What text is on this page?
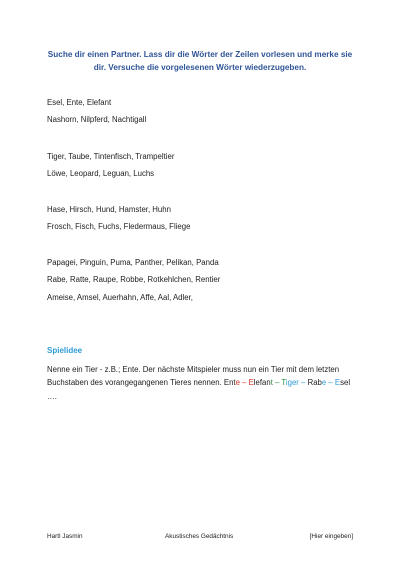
Suche dir einen Partner. Lass dir die Wörter der Zeilen vorlesen und merke sie dir. Versuche die vorgelesenen Wörter wiederzugeben.
Esel, Ente, Elefant
Nashorn, Nilpferd, Nachtigall
Tiger, Taube, Tintenfisch, Trampeltier
Löwe, Leopard, Leguan, Luchs
Hase, Hirsch, Hund, Hamster, Huhn
Frosch, Fisch, Fuchs, Fledermaus, Fliege
Papagei, Pinguin, Puma, Panther, Pelikan, Panda
Rabe, Ratte, Raupe, Robbe, Rotkehlchen, Rentier
Ameise, Amsel, Auerhahn, Affe, Aal, Adler,
Spielidee
Nenne ein Tier - z.B.; Ente. Der nächste Mitspieler muss nun ein Tier mit dem letzten Buchstaben des vorangegangenen Tieres nennen. Ente – Elefant – Tiger – Rabe – Esel ….
Hartl Jasmin	Akustisches Gedächtnis	[Hier eingeben]
